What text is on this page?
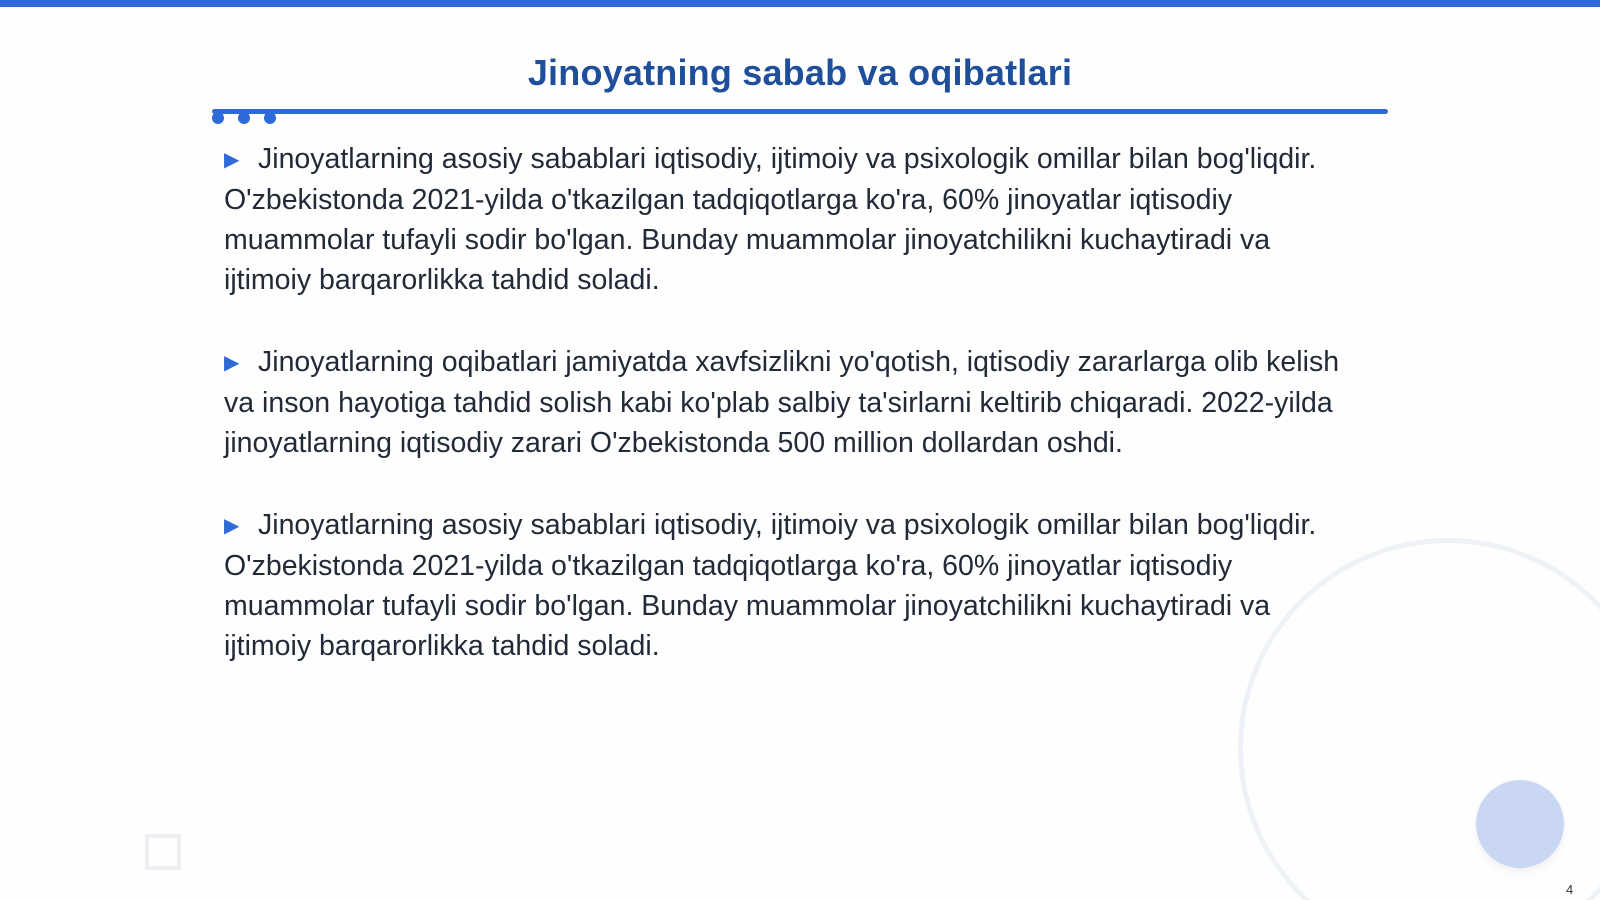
Jinoyatning sabab va oqibatlari

▶ Jinoyatlarning asosiy sabablari iqtisodiy, ijtimoiy va psixologik omillar bilan bog'liqdir. O'zbekistonda 2021-yilda o'tkazilgan tadqiqotlarga ko'ra, 60% jinoyatlar iqtisodiy muammolar tufayli sodir bo'lgan. Bunday muammolar jinoyatchilikni kuchaytiradi va ijtimoiy barqarorlikka tahdid soladi.

▶ Jinoyatlarning oqibatlari jamiyatda xavfsizlikni yo'qotish, iqtisodiy zararlarga olib kelish va inson hayotiga tahdid solish kabi ko'plab salbiy ta'sirlarni keltirib chiqaradi. 2022-yilda jinoyatlarning iqtisodiy zarari O'zbekistonda 500 million dollardan oshdi.

▶ Jinoyatlarning asosiy sabablari iqtisodiy, ijtimoiy va psixologik omillar bilan bog'liqdir. O'zbekistonda 2021-yilda o'tkazilgan tadqiqotlarga ko'ra, 60% jinoyatlar iqtisodiy muammolar tufayli sodir bo'lgan. Bunday muammolar jinoyatchilikni kuchaytiradi va ijtimoiy barqarorlikka tahdid soladi.

4
